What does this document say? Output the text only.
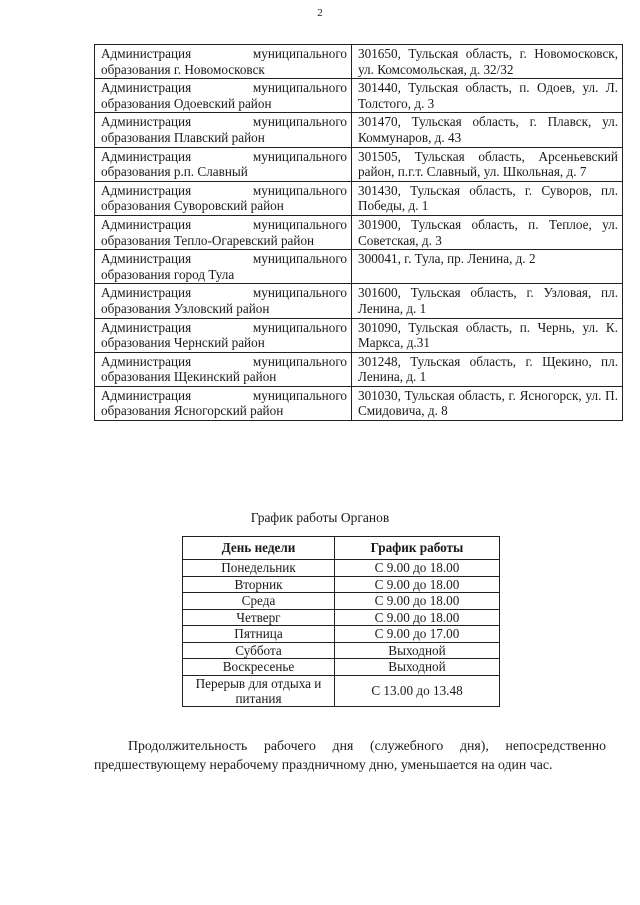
2
Администрация муниципального образования г. Новомосковск	301650, Тульская область, г. Новомосковск, ул. Комсомольская, д. 32/32
Администрация муниципального образования Одоевский район	301440, Тульская область, п. Одоев, ул. Л. Толстого, д. 3
Администрация муниципального образования Плавский район	301470, Тульская область, г. Плавск, ул. Коммунаров, д. 43
Администрация муниципального образования р.п. Славный	301505, Тульская область, Арсеньевский район, п.г.т. Славный, ул. Школьная, д. 7
Администрация муниципального образования Суворовский район	301430, Тульская область, г. Суворов, пл. Победы, д. 1
Администрация муниципального образования Тепло-Огаревский район	301900, Тульская область, п. Теплое, ул. Советская, д. 3
Администрация муниципального образования город Тула	300041, г. Тула, пр. Ленина, д. 2
Администрация муниципального образования Узловский район	301600, Тульская область, г. Узловая, пл. Ленина, д. 1
Администрация муниципального образования Чернский район	301090, Тульская область, п. Чернь, ул. К. Маркса, д.31
Администрация муниципального образования Щекинский район	301248, Тульская область, г. Щекино, пл. Ленина, д. 1
Администрация муниципального образования Ясногорский район	301030, Тульская область, г. Ясногорск, ул. П. Смидовича, д. 8
График работы Органов
День недели	График работы
Понедельник	С 9.00 до 18.00
Вторник	С 9.00 до 18.00
Среда	С 9.00 до 18.00
Четверг	С 9.00 до 18.00
Пятница	С 9.00 до 17.00
Суббота	Выходной
Воскресенье	Выходной
Перерыв для отдыха и питания	С 13.00 до 13.48
Продолжительность рабочего дня (служебного дня), непосредственно предшествующему нерабочему праздничному дню, уменьшается на один час.
